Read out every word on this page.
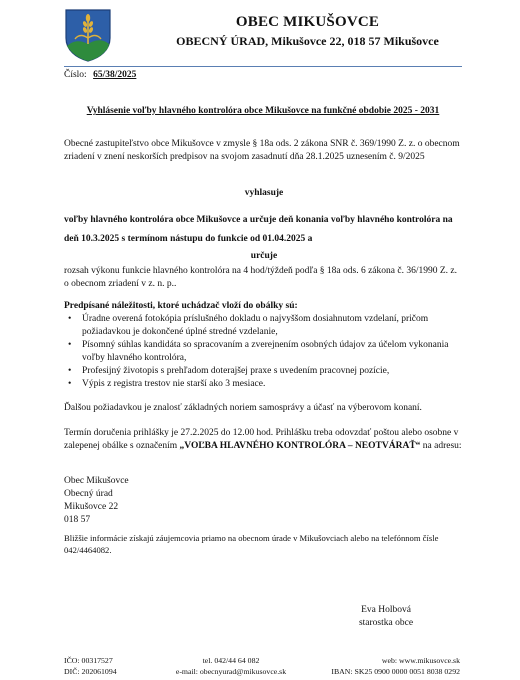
OBEC MIKUŠOVCE
OBECNÝ ÚRAD, Mikušovce 22, 018 57 Mikušovce
Číslo: 65/38/2025
Vyhlásenie voľby hlavného kontrolóra obce Mikušovce na funkčné obdobie 2025 - 2031
Obecné zastupiteľstvo obce Mikušovce v zmysle § 18a ods. 2 zákona SNR č. 369/1990 Z. z. o obecnom zriadení v znení neskorších predpisov na svojom zasadnutí dňa 28.1.2025 uznesením č. 9/2025
vyhlasuje
voľby hlavného kontrolóra obce Mikušovce a určuje deň konania voľby hlavného kontrolóra na deň 10.3.2025 s termínom nástupu do funkcie od 01.04.2025 a
určuje
rozsah výkonu funkcie hlavného kontrolóra na 4 hod/týždeň podľa § 18a ods. 6 zákona č. 36/1990 Z. z. o obecnom zriadení v z. n. p..
Predpísané náležitosti, ktoré uchádzač vloží do obálky sú:
• Úradne overená fotokópia príslušného dokladu o najvyššom dosiahnutom vzdelaní, pričom požiadavkou je dokončené úplné stredné vzdelanie,
• Písomný súhlas kandidáta so spracovaním a zverejnením osobných údajov za účelom vykonania voľby hlavného kontrolóra,
• Profesijný životopis s prehľadom doterajšej praxe s uvedením pracovnej pozície,
• Výpis z registra trestov nie starší ako 3 mesiace.
Ďalšou požiadavkou je znalosť základných noriem samosprávy a účasť na výberovom konaní.
Termín doručenia prihlášky je 27.2.2025 do 12.00 hod. Prihlášku treba odovzdať poštou alebo osobne v zalepenej obálke s označením „VOĽBA HLAVNÉHO KONTROLÓRA – NEOTVÁRAŤ“ na adresu:
Obec Mikušovce
Obecný úrad
Mikušovce 22
018 57
Bližšie informácie získajú záujemcovia priamo na obecnom úrade v Mikušovciach alebo na telefónnom čísle 042/4464082.
Eva Holbová
starostka obce
IČO: 00317527
DIČ: 202061094
tel. 042/44 64 082
e-mail: obecnyurad@mikusovce.sk
web: www.mikusovce.sk
IBAN: SK25 0900 0000 0051 8038 0292
